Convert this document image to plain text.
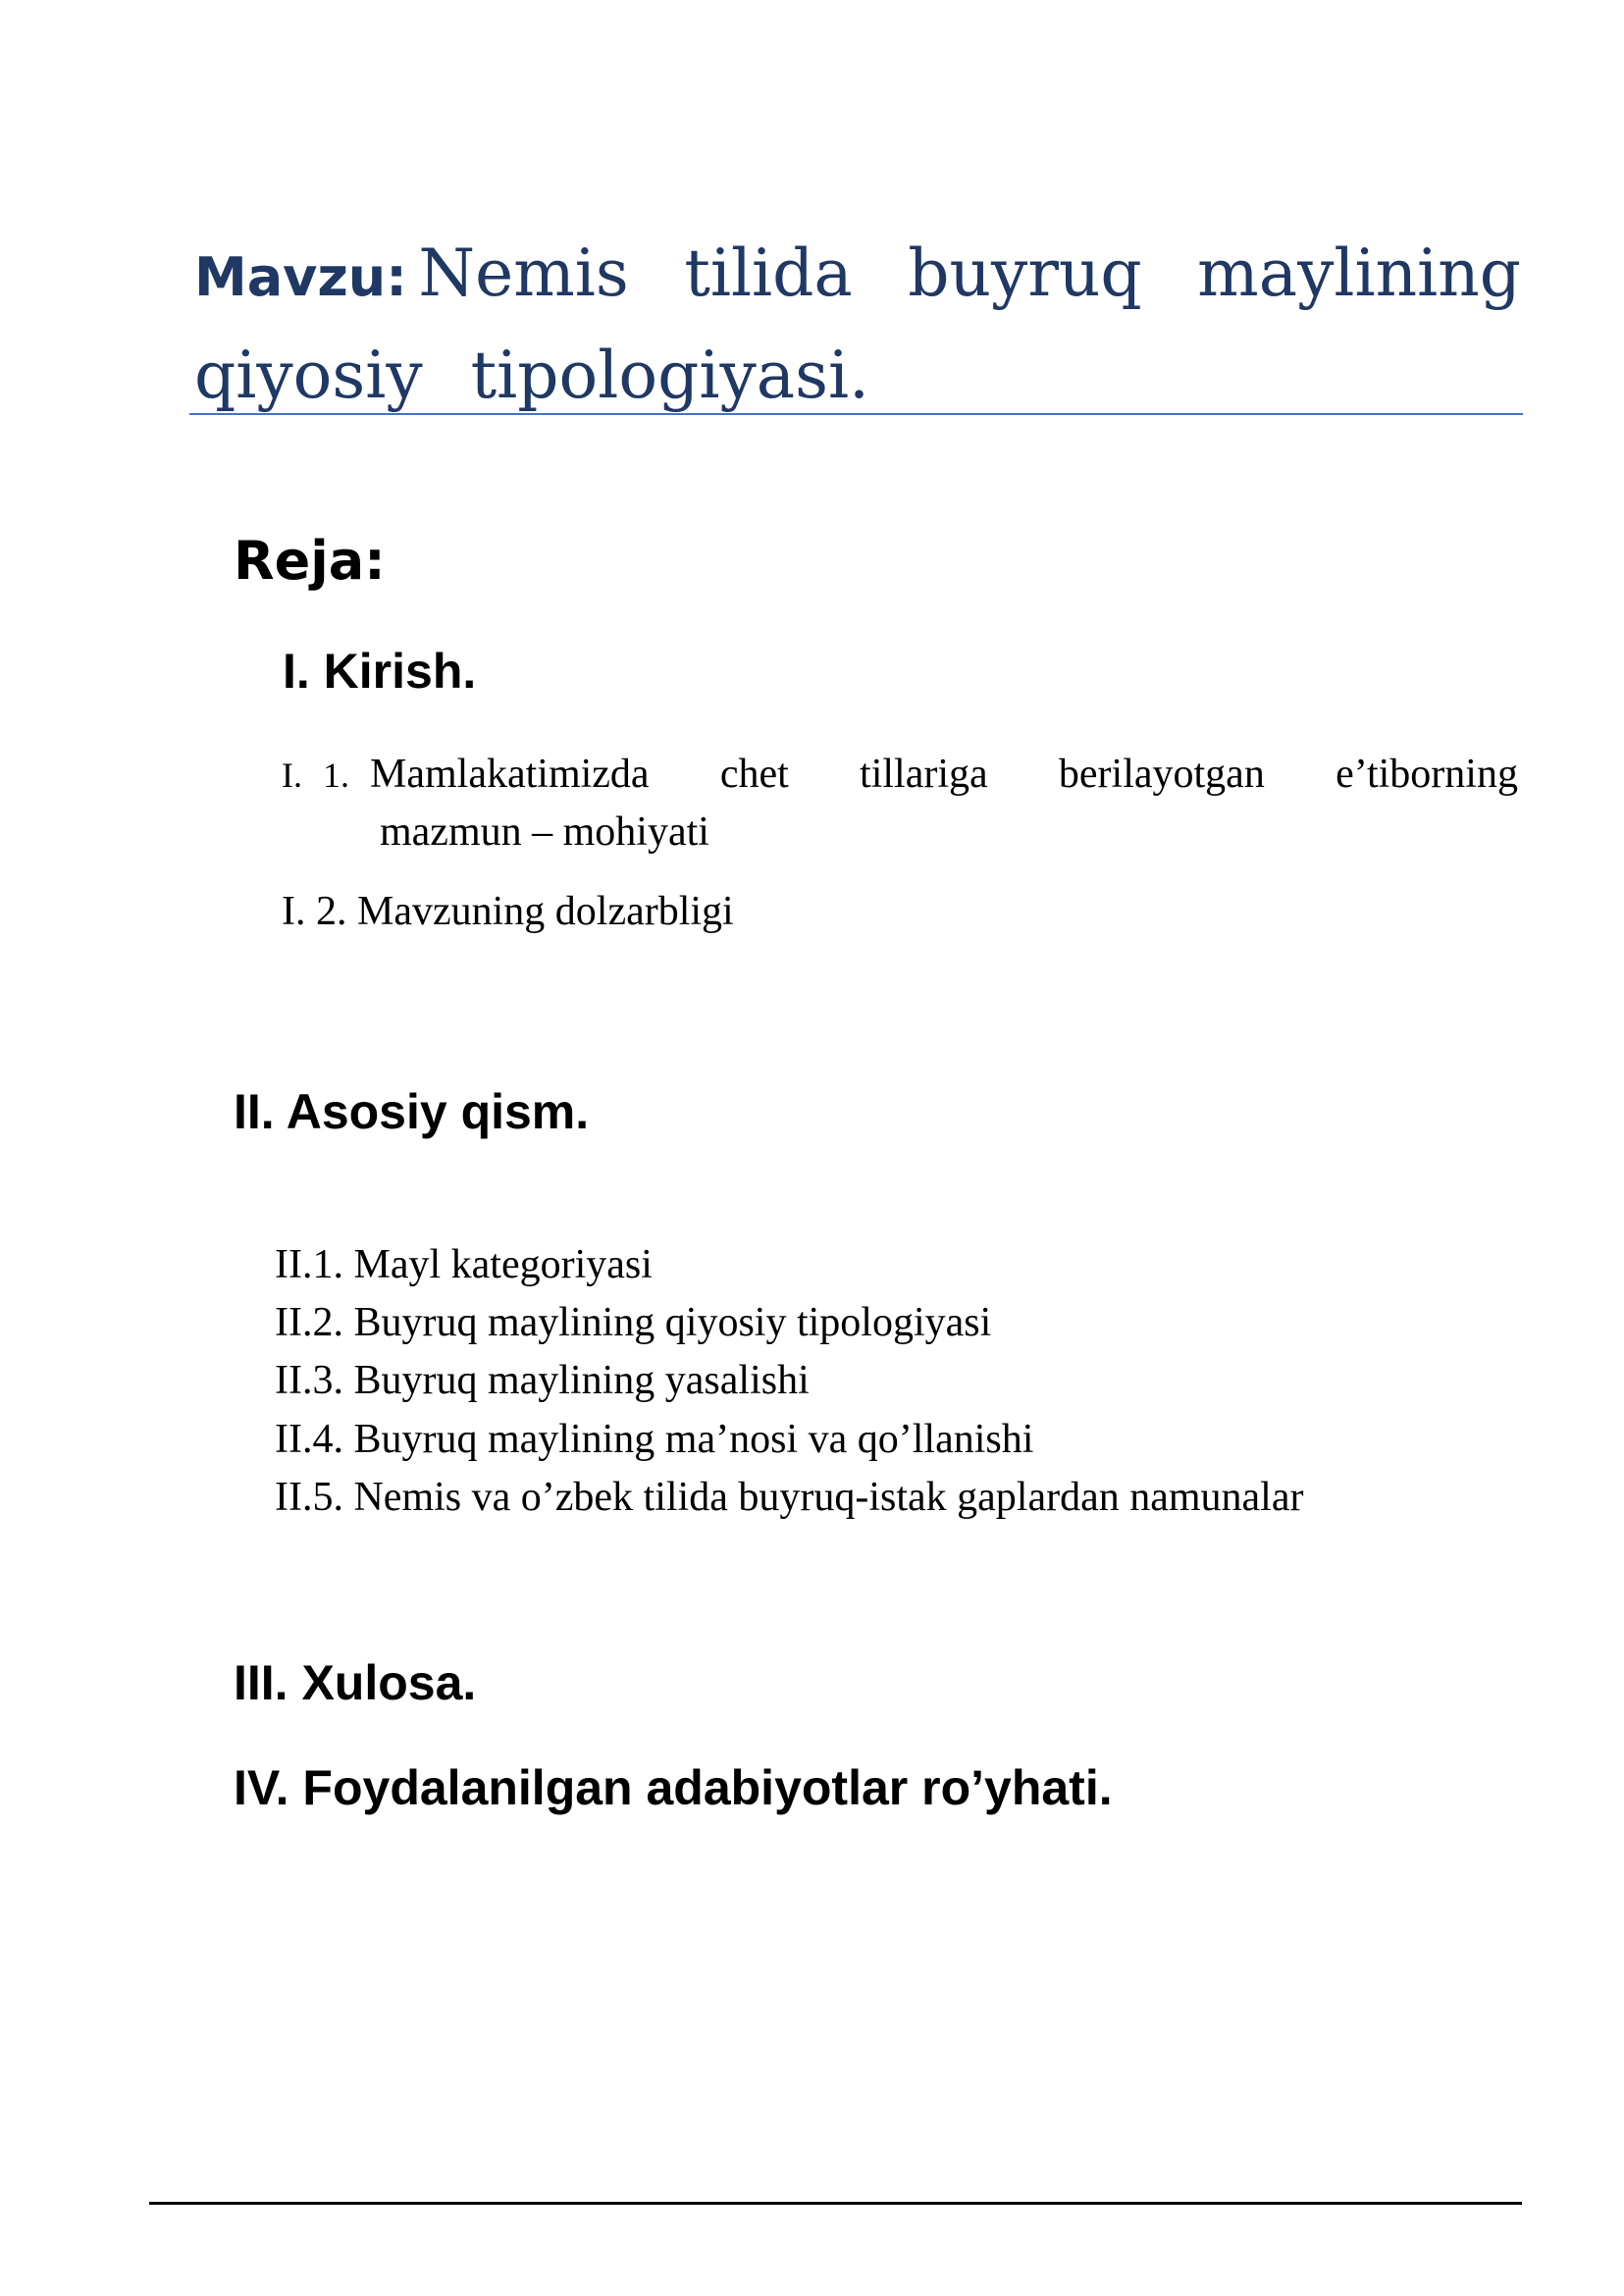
Mavzu: Nemis tilida buyruq maylining qiyosiy tipologiyasi.
Reja:
I. Kirish.
I. 1. Mamlakatimizda chet tillariga berilayotgan e’tiborning
mazmun – mohiyati
I. 2. Mavzuning dolzarbligi
II. Asosiy qism.
II.1. Mayl kategoriyasi
II.2. Buyruq maylining qiyosiy tipologiyasi
II.3. Buyruq maylining yasalishi
II.4. Buyruq maylining ma’nosi va qo’llanishi
II.5. Nemis va o’zbek tilida buyruq-istak gaplardan namunalar
III. Xulosa.
IV. Foydalanilgan adabiyotlar ro’yhati.
